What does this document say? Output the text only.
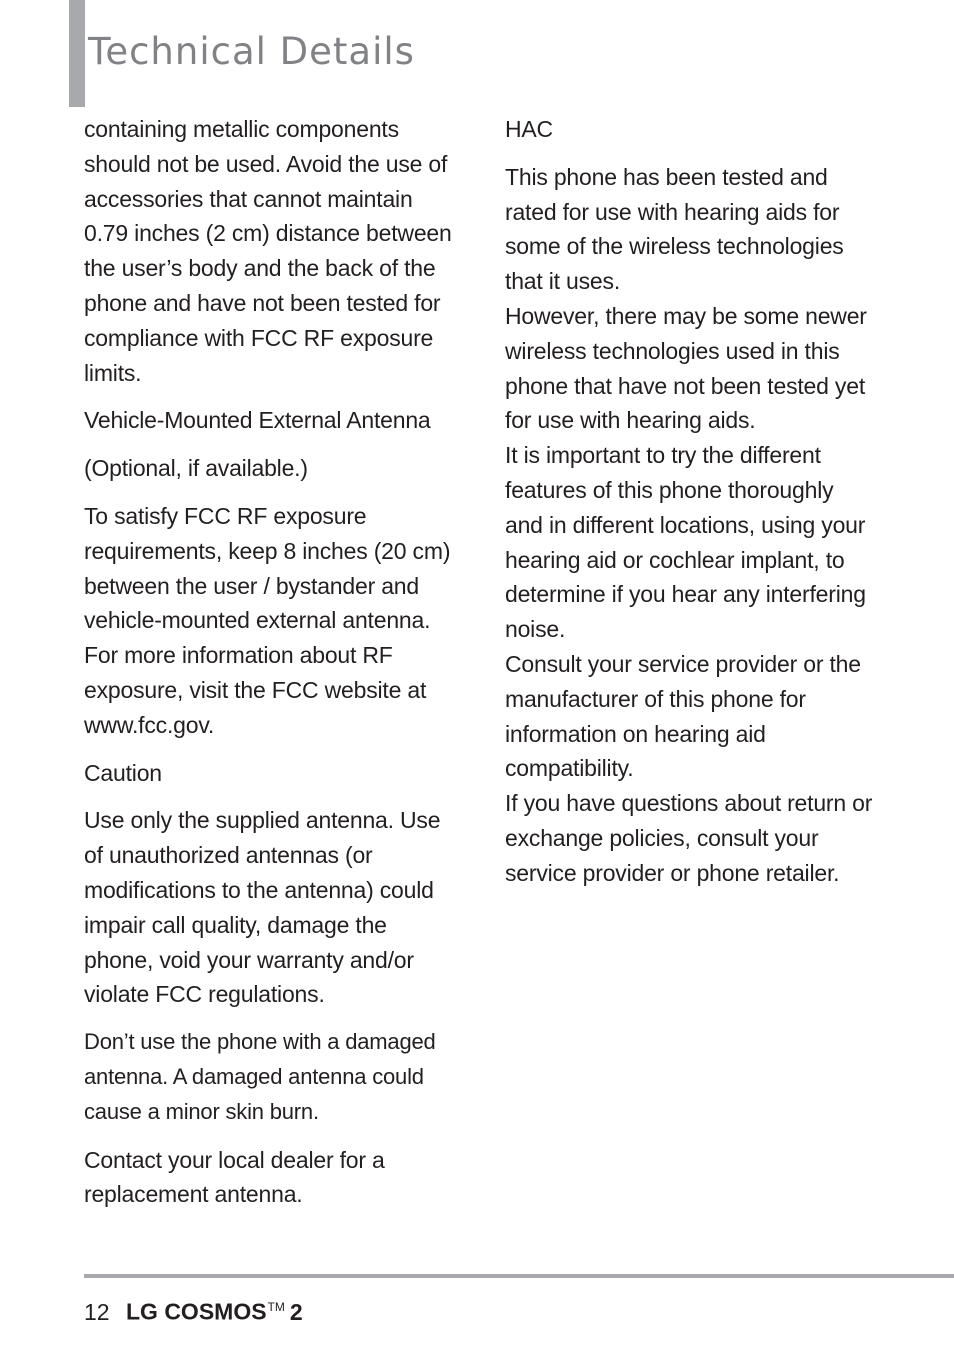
Technical Details

containing metallic components should not be used. Avoid the use of accessories that cannot maintain 0.79 inches (2 cm) distance between the user’s body and the back of the phone and have not been tested for compliance with FCC RF exposure limits.

Vehicle-Mounted External Antenna

(Optional, if available.)

To satisfy FCC RF exposure requirements, keep 8 inches (20 cm) between the user / bystander and vehicle-mounted external antenna. For more information about RF exposure, visit the FCC website at www.fcc.gov.

Caution

Use only the supplied antenna. Use of unauthorized antennas (or modifications to the antenna) could impair call quality, damage the phone, void your warranty and/or violate FCC regulations.

Don’t use the phone with a damaged antenna. A damaged antenna could cause a minor skin burn.

Contact your local dealer for a replacement antenna.

HAC

This phone has been tested and rated for use with hearing aids for some of the wireless technologies that it uses.

However, there may be some newer wireless technologies used in this phone that have not been tested yet for use with hearing aids.

It is important to try the different features of this phone thoroughly and in different locations, using your hearing aid or cochlear implant, to determine if you hear any interfering noise.

Consult your service provider or the manufacturer of this phone for information on hearing aid compatibility.

If you have questions about return or exchange policies, consult your service provider or phone retailer.

12 LG COSMOS™ 2
